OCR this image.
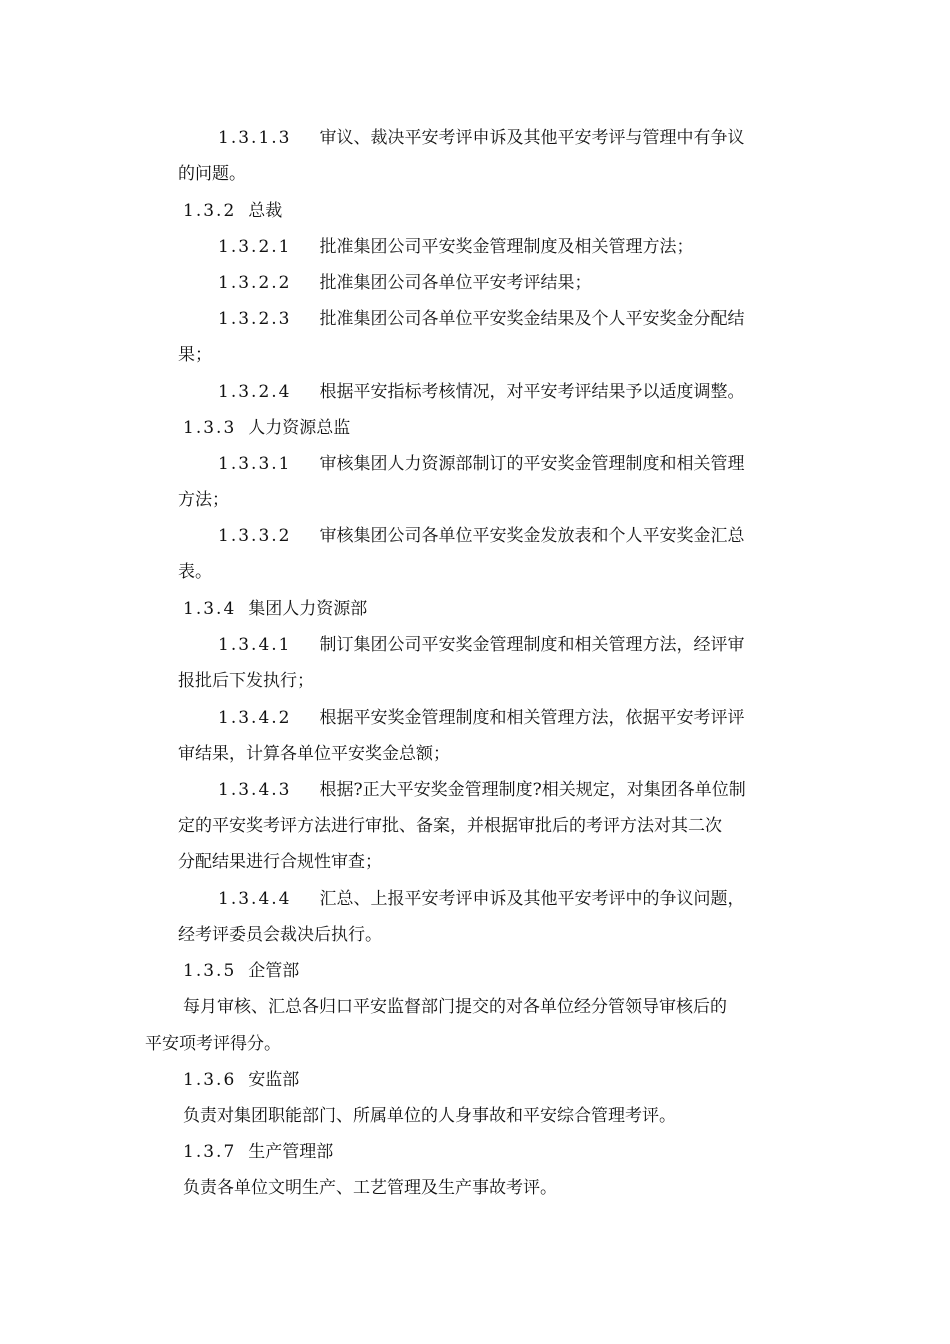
1.3.1.3 审议、裁决平安考评申诉及其他平安考评与管理中有争议
的问题。
1.3.2 总裁
1.3.2.1 批准集团公司平安奖金管理制度及相关管理方法；
1.3.2.2 批准集团公司各单位平安考评结果；
1.3.2.3 批准集团公司各单位平安奖金结果及个人平安奖金分配结
果；
1.3.2.4 根据平安指标考核情况，对平安考评结果予以适度调整。
1.3.3 人力资源总监
1.3.3.1 审核集团人力资源部制订的平安奖金管理制度和相关管理
方法；
1.3.3.2 审核集团公司各单位平安奖金发放表和个人平安奖金汇总
表。
1.3.4 集团人力资源部
1.3.4.1 制订集团公司平安奖金管理制度和相关管理方法，经评审
报批后下发执行；
1.3.4.2 根据平安奖金管理制度和相关管理方法，依据平安考评评
审结果，计算各单位平安奖金总额；
1.3.4.3 根据?正大平安奖金管理制度?相关规定，对集团各单位制
定的平安奖考评方法进行审批、备案，并根据审批后的考评方法对其二次
分配结果进行合规性审查；
1.3.4.4 汇总、上报平安考评申诉及其他平安考评中的争议问题，
经考评委员会裁决后执行。
1.3.5 企管部
每月审核、汇总各归口平安监督部门提交的对各单位经分管领导审核后的
平安项考评得分。
1.3.6 安监部
负责对集团职能部门、所属单位的人身事故和平安综合管理考评。
1.3.7 生产管理部
负责各单位文明生产、工艺管理及生产事故考评。
